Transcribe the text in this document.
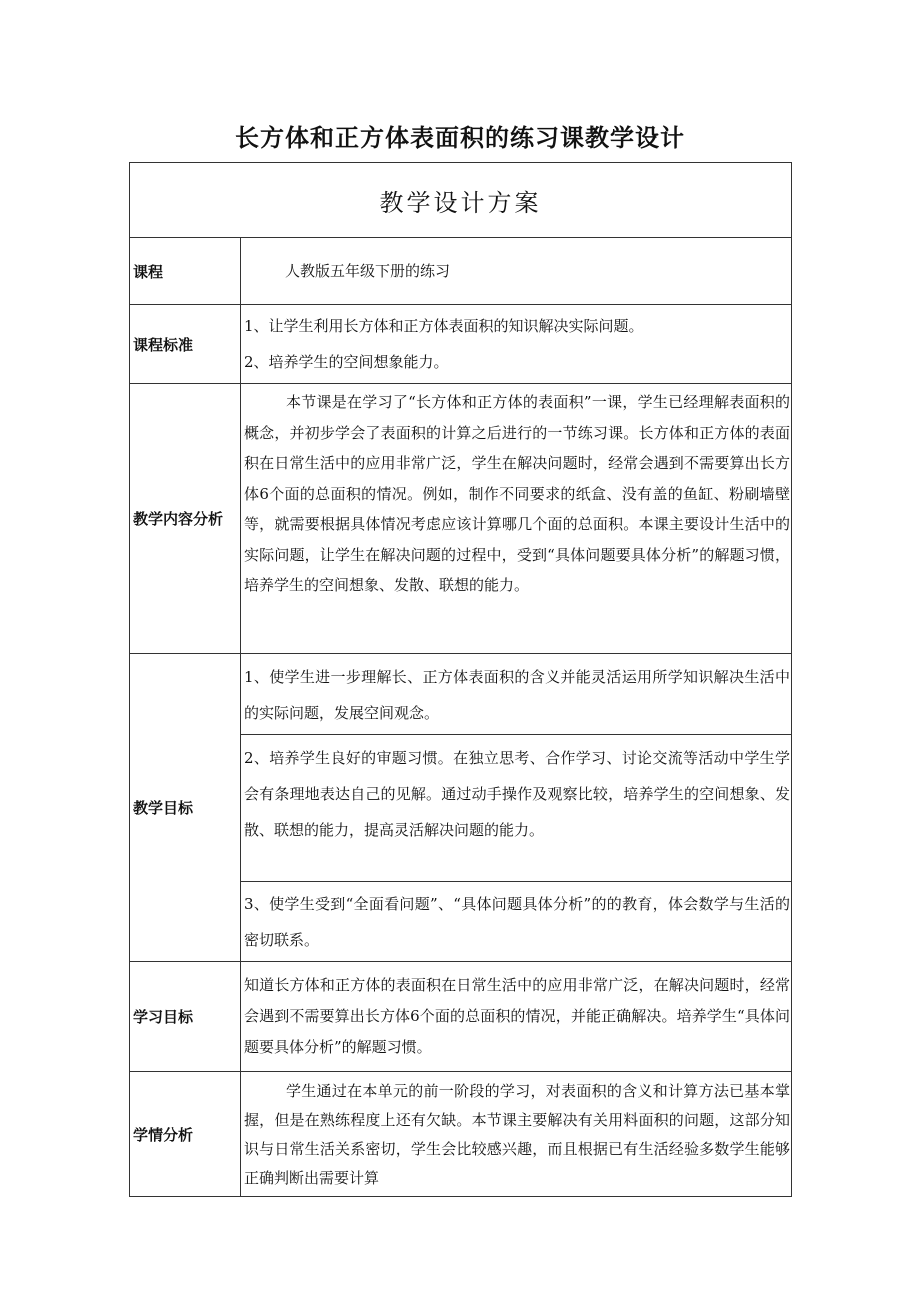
长方体和正方体表面积的练习课教学设计
教学设计方案	
课程	人教版五年级下册的练习
课程标准	1、让学生利用长方体和正方体表面积的知识解决实际问题。

2、培养学生的空间想象能力。

教学内容分析	本节课是在学习了“长方体和正方体的表面积”一课，学生已经理解表面积的概念，并初步学会了表面积的计算之后进行的一节练习课。长方体和正方体的表面积在日常生活中的应用非常广泛，学生在解决问题时，经常会遇到不需要算出长方体6个面的总面积的情况。例如，制作不同要求的纸盒、没有盖的鱼缸、粉刷墙壁等，就需要根据具体情况考虑应该计算哪几个面的总面积。本课主要设计生活中的实际问题，让学生在解决问题的过程中，受到“具体问题要具体分析”的解题习惯，培养学生的空间想象、发散、联想的能力。

教学目标	1、使学生进一步理解长、正方体表面积的含义并能灵活运用所学知识解决生活中的实际问题，发展空间观念。
	2、培养学生良好的审题习惯。在独立思考、合作学习、讨论交流等活动中学生学会有条理地表达自己的见解。通过动手操作及观察比较，培养学生的空间想象、发散、联想的能力，提高灵活解决问题的能力。
	3、使学生受到“全面看问题”、“具体问题具体分析”的的教育，体会数学与生活的密切联系。
学习目标	知道长方体和正方体的表面积在日常生活中的应用非常广泛，在解决问题时，经常会遇到不需要算出长方体6个面的总面积的情况，并能正确解决。培养学生“具体问题要具体分析”的解题习惯。
学情分析	学生通过在本单元的前一阶段的学习，对表面积的含义和计算方法已基本掌握，但是在熟练程度上还有欠缺。本节课主要解决有关用料面积的问题，这部分知识与日常生活关系密切，学生会比较感兴趣，而且根据已有生活经验多数学生能够正确判断出需要计算
